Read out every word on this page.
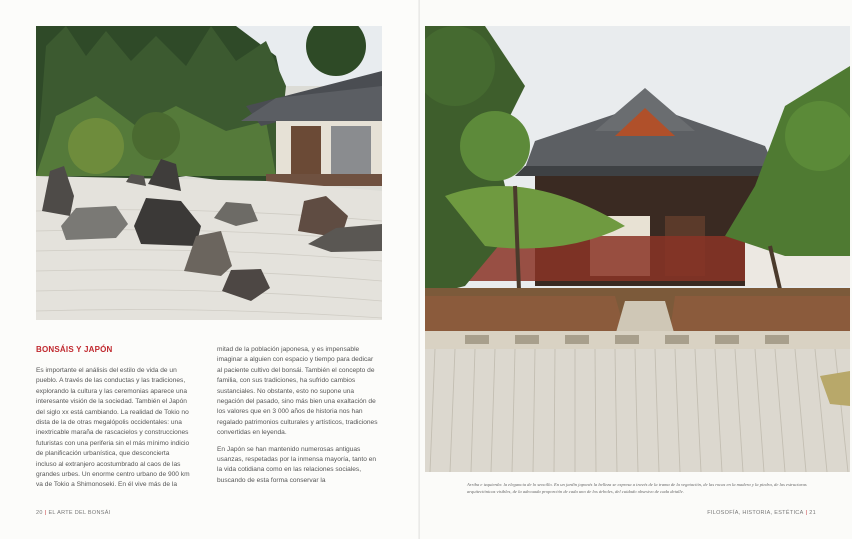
BONSÁIS Y JAPÓN

Es importante el análisis del estilo de vida de un pueblo. A través de las conductas y las tradiciones, explorando la cultura y las ceremonias aparece una interesante visión de la sociedad. También el Japón del siglo xx está cambiando. La realidad de Tokio no dista de la de otras megalópolis occidentales: una inextricable maraña de rascacielos y construcciones futuristas con una periferia sin el más mínimo indicio de planificación urbanística, que desconcierta incluso al extranjero acostumbrado al caos de las grandes urbes. Un enorme centro urbano de 900 km va de Tokio a Shimonoseki. En él vive más de la

mitad de la población japonesa, y es impensable imaginar a alguien con espacio y tiempo para dedicar al paciente cultivo del bonsái. También el concepto de familia, con sus tradiciones, ha sufrido cambios sustanciales. No obstante, esto no supone una negación del pasado, sino más bien una exaltación de los valores que en 3 000 años de historia nos han regalado patrimonios culturales y artísticos, tradiciones convertidas en leyenda.

En Japón se han mantenido numerosas antiguas usanzas, respetadas por la inmensa mayoría, tanto en la vida cotidiana como en las relaciones sociales, buscando de esta forma conservar la

20 | EL ARTE DEL BONSÁI	FILOSOFÍA, HISTORIA, ESTÉTICA | 21
Arriba e izquierda: la elegancia de lo sencillo. En un jardín japonés la belleza se expresa a través de la trama de la vegetación, de las rocas en la madera y la piedra, de las estructuras arquitectónicas visibles, de la adecuada proporción de cada uno de los árboles, del cuidado obsesivo de cada detalle.
